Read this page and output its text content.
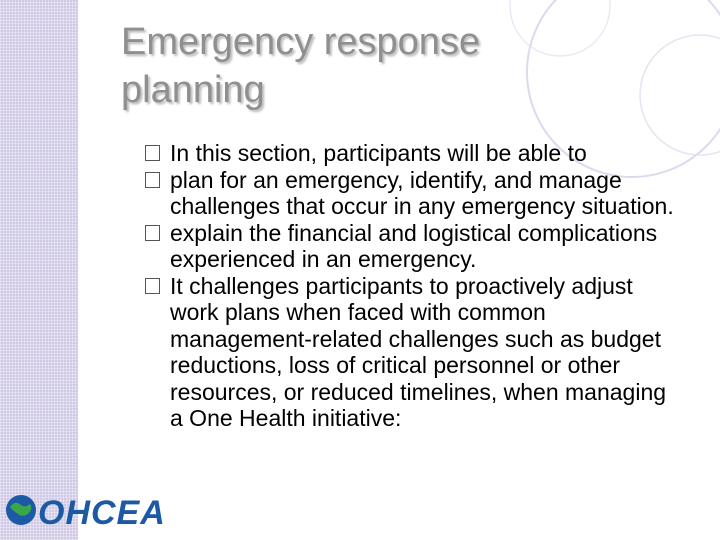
Emergency response
planning
In this section, participants will be able to
plan for an emergency, identify, and manage challenges that occur in any emergency situation.
explain the financial and logistical complications experienced in an emergency.
It challenges participants to proactively adjust work plans when faced with common management-related challenges such as budget reductions, loss of critical personnel or other resources, or reduced timelines, when managing a One Health initiative:
OHCEA
